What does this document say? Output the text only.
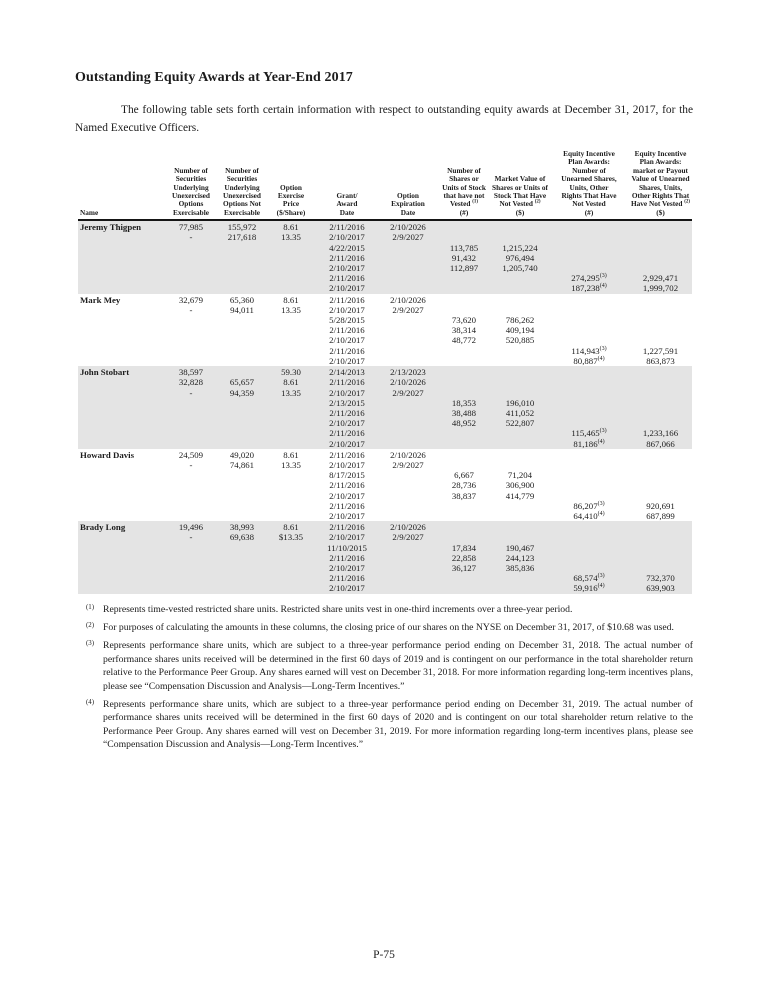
Outstanding Equity Awards at Year-End 2017

The following table sets forth certain information with respect to outstanding equity awards at December 31, 2017, for the Named Executive Officers.

Name	Number of
Securities
Underlying
Unexercised
Options
Exercisable	Number of
Securities
Underlying
Unexercised
Options Not
Exercisable	Option
Exercise
Price
($/Share)	Grant/
Award
Date	Option
Expiration
Date	Number of
Shares or
Units of Stock
that have not
Vested $^{(1)}$
(#)	Market Value of
Shares or Units of
Stock That Have
Not Vested $^{(2)}$
($)	Equity Incentive
Plan Awards:
Number of
Unearned Shares,
Units, Other
Rights That Have
Not Vested
(#)	Equity Incentive
Plan Awards:
market or Payout
Value of Unearned
Shares, Units,
Other Rights That
Have Not Vested $^{(2)}$
($)
Jeremy Thigpen	77,985	155,972	8.61	2/11/2016	2/10/2026				
	-	217,618	13.35	2/10/2017	2/9/2027				
				4/22/2015		113,785	1,215,224		
				2/11/2016		91,432	976,494		
				2/10/2017		112,897	1,205,740		
				2/11/2016				274,295$^{(3)}$	2,929,471
				2/10/2017				187,238$^{(4)}$	1,999,702
Mark Mey	32,679	65,360	8.61	2/11/2016	2/10/2026				
	-	94,011	13.35	2/10/2017	2/9/2027				
				5/28/2015		73,620	786,262		
				2/11/2016		38,314	409,194		
				2/10/2017		48,772	520,885		
				2/11/2016				114,943$^{(3)}$	1,227,591
				2/10/2017				80,887$^{(4)}$	863,873
John Stobart	38,597		59.30	2/14/2013	2/13/2023				
	32,828	65,657	8.61	2/11/2016	2/10/2026				
	-	94,359	13.35	2/10/2017	2/9/2027				
				2/13/2015		18,353	196,010		
				2/11/2016		38,488	411,052		
				2/10/2017		48,952	522,807		
				2/11/2016				115,465$^{(3)}$	1,233,166
				2/10/2017				81,186$^{(4)}$	867,066
Howard Davis	24,509	49,020	8.61	2/11/2016	2/10/2026				
	-	74,861	13.35	2/10/2017	2/9/2027				
				8/17/2015		6,667	71,204		
				2/11/2016		28,736	306,900		
				2/10/2017		38,837	414,779		
				2/11/2016				86,207$^{(3)}$	920,691
				2/10/2017				64,410$^{(4)}$	687,899
Brady Long	19,496	38,993	8.61	2/11/2016	2/10/2026				
	-	69,638	$13.35	2/10/2017	2/9/2027				
				11/10/2015		17,834	190,467		
				2/11/2016		22,858	244,123		
				2/10/2017		36,127	385,836		
				2/11/2016				68,574$^{(3)}$	732,370
				2/10/2017				59,916$^{(4)}$	639,903
(1) Represents time-vested restricted share units. Restricted share units vest in one-third increments over a three-year period.
(2) For purposes of calculating the amounts in these columns, the closing price of our shares on the NYSE on December 31, 2017, of $10.68 was used.
(3) Represents performance share units, which are subject to a three-year performance period ending on December 31, 2018. The actual number of performance shares units received will be determined in the first 60 days of 2019 and is contingent on our performance in the total shareholder return relative to the Performance Peer Group. Any shares earned will vest on December 31, 2018. For more information regarding long-term incentives plans, please see “Compensation Discussion and Analysis—Long-Term Incentives.”
(4) Represents performance share units, which are subject to a three-year performance period ending on December 31, 2019. The actual number of performance shares units received will be determined in the first 60 days of 2020 and is contingent on our total shareholder return relative to the Performance Peer Group. Any shares earned will vest on December 31, 2019. For more information regarding long-term incentives plans, please see “Compensation Discussion and Analysis—Long-Term Incentives.”
P-75
